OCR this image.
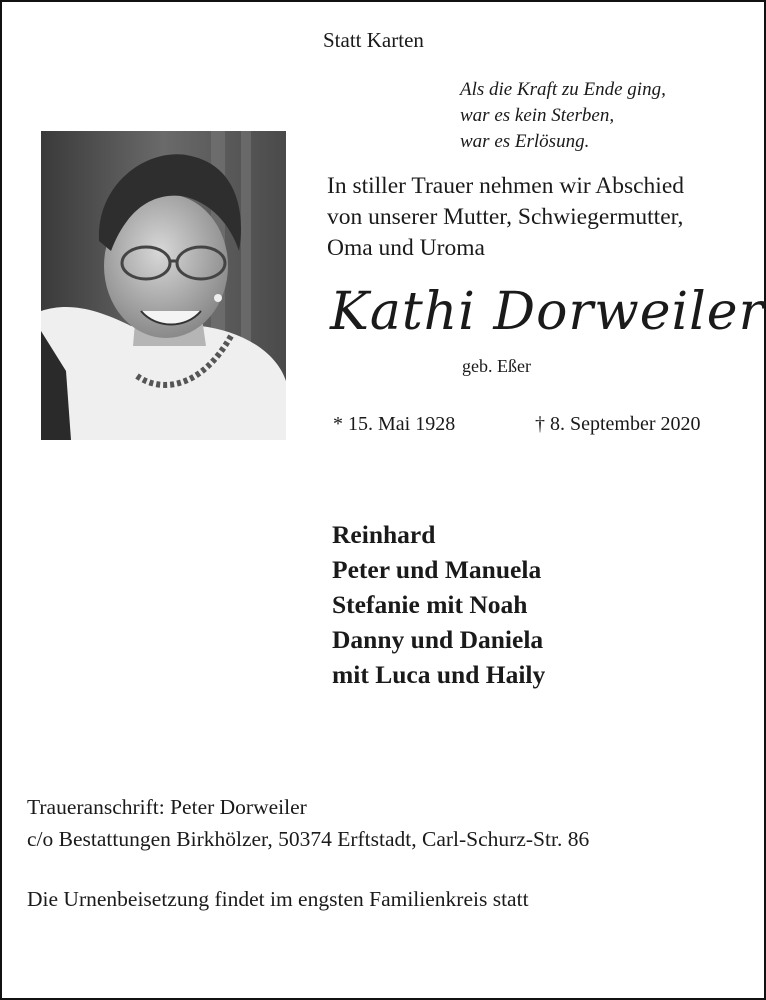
Statt Karten
Als die Kraft zu Ende ging,
war es kein Sterben,
war es Erlösung.
In stiller Trauer nehmen wir Abschied
von unserer Mutter, Schwiegermutter,
Oma und Uroma
Kathi Dorweiler
geb. Eßer
* 15. Mai 1928	† 8. September 2020
Reinhard
Peter und Manuela
Stefanie mit Noah
Danny und Daniela
mit Luca und Haily
Traueranschrift: Peter Dorweiler
c/o Bestattungen Birkhölzer, 50374 Erftstadt, Carl-Schurz-Str. 86
Die Urnenbeisetzung findet im engsten Familienkreis statt
